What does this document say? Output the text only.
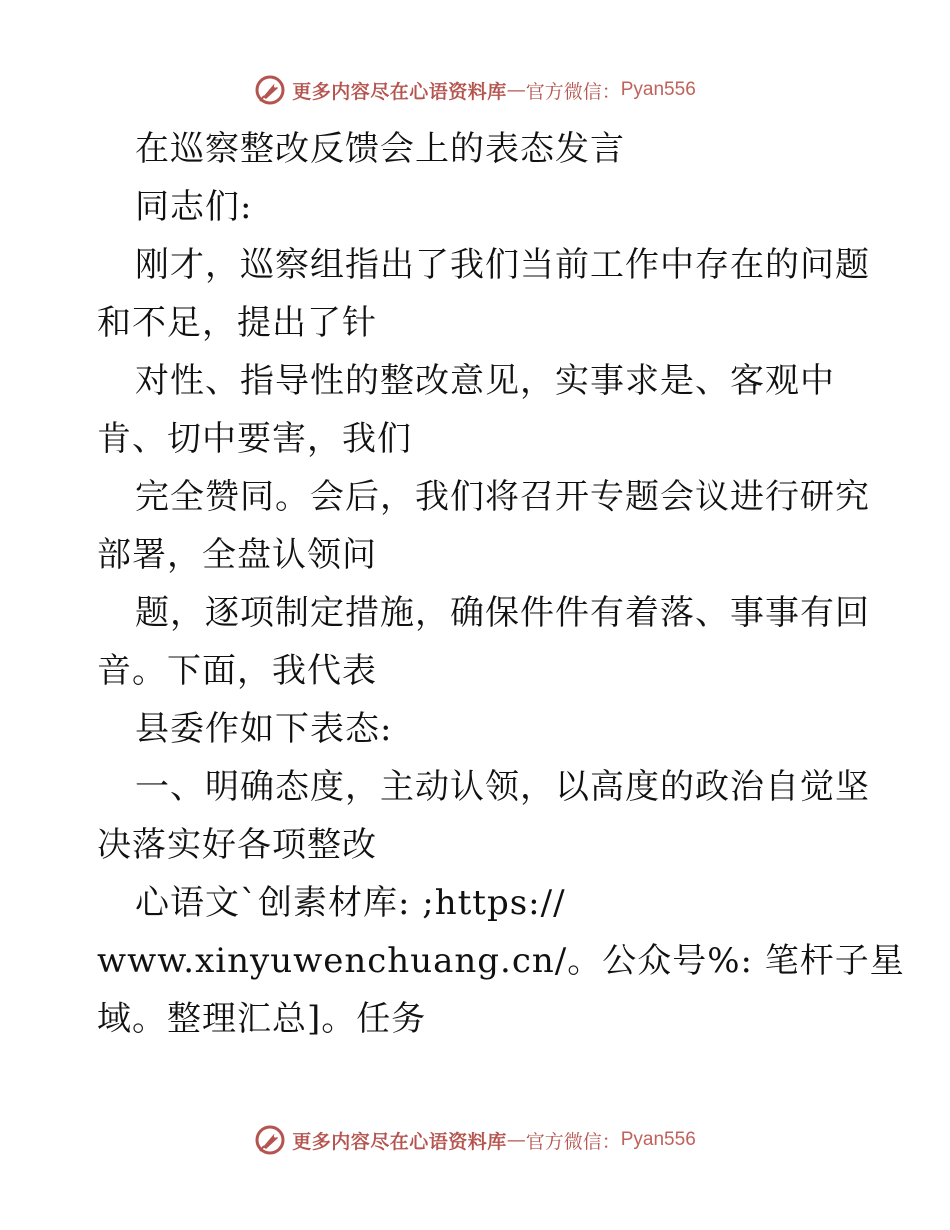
更多内容尽在心语资料库 — 官方微信： Pyan556
在巡察整改反馈会上的表态发言
同志们:
刚才，巡察组指出了我们当前工作中存在的问题
和不足，提出了针
对性、指导性的整改意见，实事求是、客观中
肯、切中要害，我们
完全赞同。会后，我们将召开专题会议进行研究
部署，全盘认领问
题，逐项制定措施，确保件件有着落、事事有回
音。下面，我代表
县委作如下表态:
一、明确态度，主动认领，以高度的政治自觉坚
决落实好各项整改
心语文`创素材库: ;https://
www.xinyuwenchuang.cn/。公众号%: 笔杆子星
域。整理汇总]。任务
更多内容尽在心语资料库 — 官方微信： Pyan556
